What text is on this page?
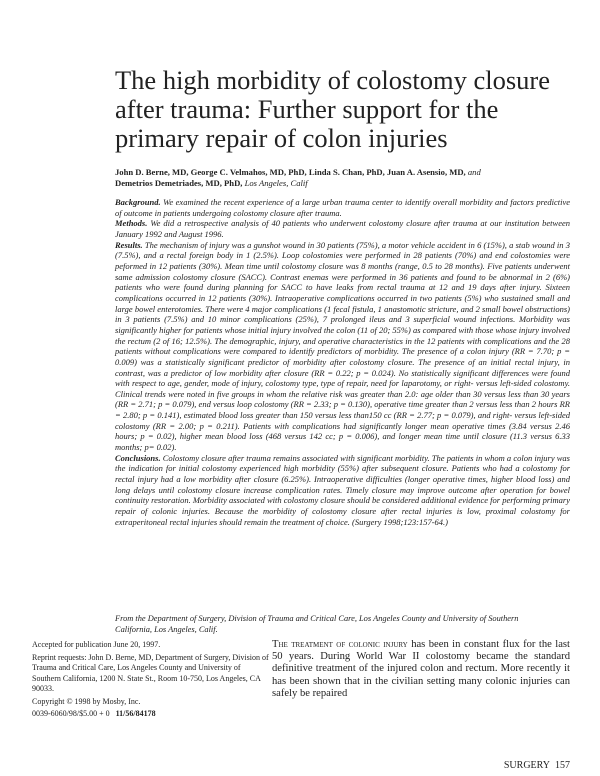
The high morbidity of colostomy closure after trauma: Further support for the primary repair of colon injuries
John D. Berne, MD, George C. Velmahos, MD, PhD, Linda S. Chan, PhD, Juan A. Asensio, MD, and
Demetrios Demetriades, MD, PhD, Los Angeles, Calif

Background. We examined the recent experience of a large urban trauma center to identify overall morbidity and factors predictive of outcome in patients undergoing colostomy closure after trauma.

Methods. We did a retrospective analysis of 40 patients who underwent colostomy closure after trauma at our institution between January 1992 and August 1996.

Results. The mechanism of injury was a gunshot wound in 30 patients (75%), a motor vehicle accident in 6 (15%), a stab wound in 3 (7.5%), and a rectal foreign body in 1 (2.5%). Loop colostomies were performed in 28 patients (70%) and end colostomies were peformed in 12 patients (30%). Mean time until colostomy closure was 8 months (range, 0.5 to 28 months). Five patients underwent same admission colostomy closure (SACC). Contrast enemas were performed in 36 patients and found to be abnormal in 2 (6%) patients who were found during planning for SACC to have leaks from rectal trauma at 12 and 19 days after injury. Sixteen complications occurred in 12 patients (30%). Intraoperative complications occurred in two patients (5%) who sustained small and large bowel enterotomies. There were 4 major complications (1 fecal fistula, 1 anastomotic stricture, and 2 small bowel obstructions) in 3 patients (7.5%) and 10 minor complications (25%), 7 prolonged ileus and 3 superficial wound infections. Morbidity was significantly higher for patients whose initial injury involved the colon (11 of 20; 55%) as compared with those whose injury involved the rectum (2 of 16; 12.5%). The demographic, injury, and operative characteristics in the 12 patients with complications and the 28 patients without complications were compared to identify predictors of morbidity. The presence of a colon injury (RR = 7.70; p = 0.009) was a statistically significant predictor of morbidity after colostomy closure. The presence of an initial rectal injury, in contrast, was a predictor of low morbidity after closure (RR = 0.22; p = 0.024). No statistically significant differences were found with respect to age, gender, mode of injury, colostomy type, type of repair, need for laparotomy, or right- versus left-sided colostomy. Clinical trends were noted in five groups in whom the relative risk was greater than 2.0: age older than 30 versus less than 30 years (RR = 2.71; p = 0.079), end versus loop colostomy (RR = 2.33; p = 0.130), operative time greater than 2 versus less than 2 hours RR = 2.80; p = 0.141), estimated blood loss greater than 150 versus less than150 cc (RR = 2.77; p = 0.079), and right- versus left-sided colostomy (RR = 2.00; p = 0.211). Patients with complications had significantly longer mean operative times (3.84 versus 2.46 hours; p = 0.02), higher mean blood loss (468 versus 142 cc; p = 0.006), and longer mean time until closure (11.3 versus 6.33 months; p= 0.02).

Conclusions. Colostomy closure after trauma remains associated with significant morbidity. The patients in whom a colon injury was the indication for initial colostomy experienced high morbidity (55%) after subsequent closure. Patients who had a colostomy for rectal injury had a low morbidity after closure (6.25%). Intraoperative difficulties (longer operative times, higher blood loss) and long delays until colostomy closure increase complication rates. Timely closure may improve outcome after operation for bowel continuity restoration. Morbidity associated with colostomy closure should be considered additional evidence for performing primary repair of colonic injuries. Because the morbidity of colostomy closure after rectal injuries is low, proximal colostomy for extraperitoneal rectal injuries should remain the treatment of choice. (Surgery 1998;123:157-64.)

From the Department of Surgery, Division of Trauma and Critical Care, Los Angeles County and University of Southern California, Los Angeles, Calif.

Accepted for publication June 20, 1997.

Reprint requests: John D. Berne, MD, Department of Surgery, Division of Trauma and Critical Care, Los Angeles County and University of Southern California, 1200 N. State St., Room 10-750, Los Angeles, CA 90033.

Copyright © 1998 by Mosby, Inc.

0039-6060/98/$5.00 + 0 11/56/84178

The treatment of colonic injury has been in constant flux for the last 50 years. During World War II colostomy became the standard definitive treatment of the injured colon and rectum. More recently it has been shown that in the civilian setting many colonic injuries can safely be repaired
SURGERY 157
